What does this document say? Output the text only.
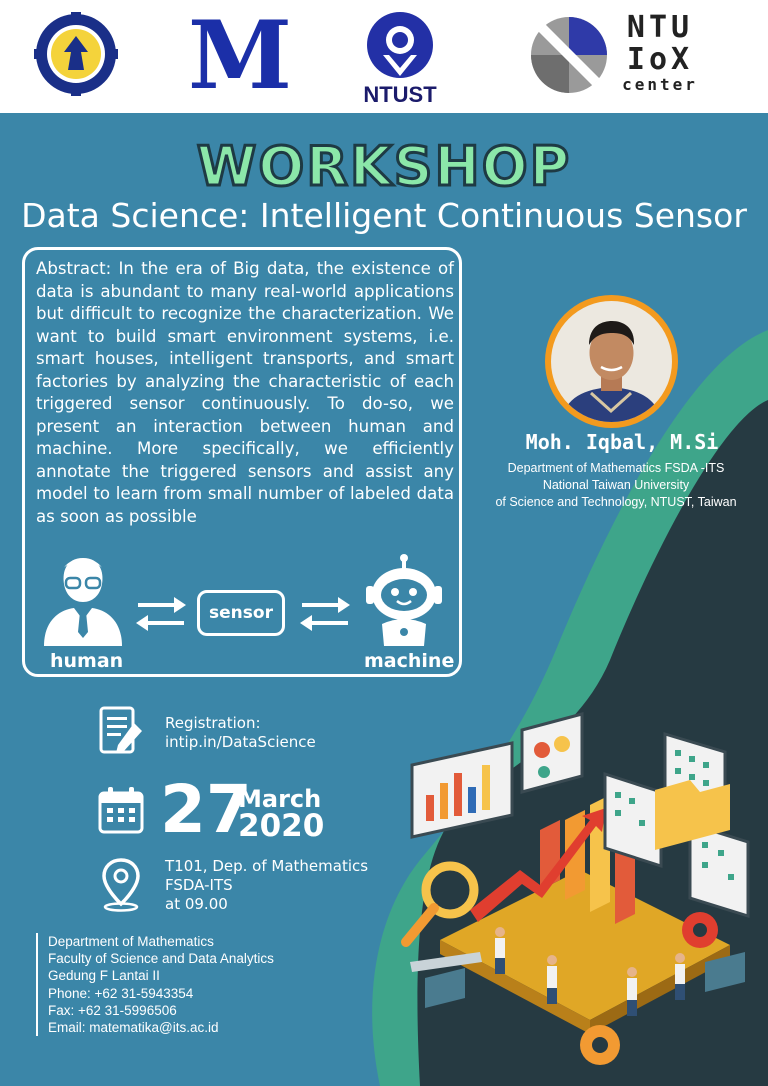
M	NTUST
NTU
IoX
center
WORKSHOP
Data Science: Intelligent Continuous Sensor
Abstract: In the era of Big data, the existence of data is abundant to many real-world applications but difficult to recognize the characterization. We want to build smart environment systems, i.e. smart houses, intelligent transports, and smart factories by analyzing the characteristic of each triggered sensor continuously. To do-so, we present an interaction between human and machine. More specifically, we efficiently annotate the triggered sensors and assist any model to learn from small number of labeled data as soon as possible
human
sensor
machine
Moh. Iqbal, M.Si
Department of Mathematics FSDA -ITS
National Taiwan University
of Science and Technology, NTUST, Taiwan
Registration:
intip.in/DataScience
27
March
2020
T101, Dep. of Mathematics
FSDA-ITS
at 09.00
Department of Mathematics
Faculty of Science and Data Analytics
Gedung F Lantai II
Phone: +62 31-5943354
Fax: +62 31-5996506
Email: matematika@its.ac.id
